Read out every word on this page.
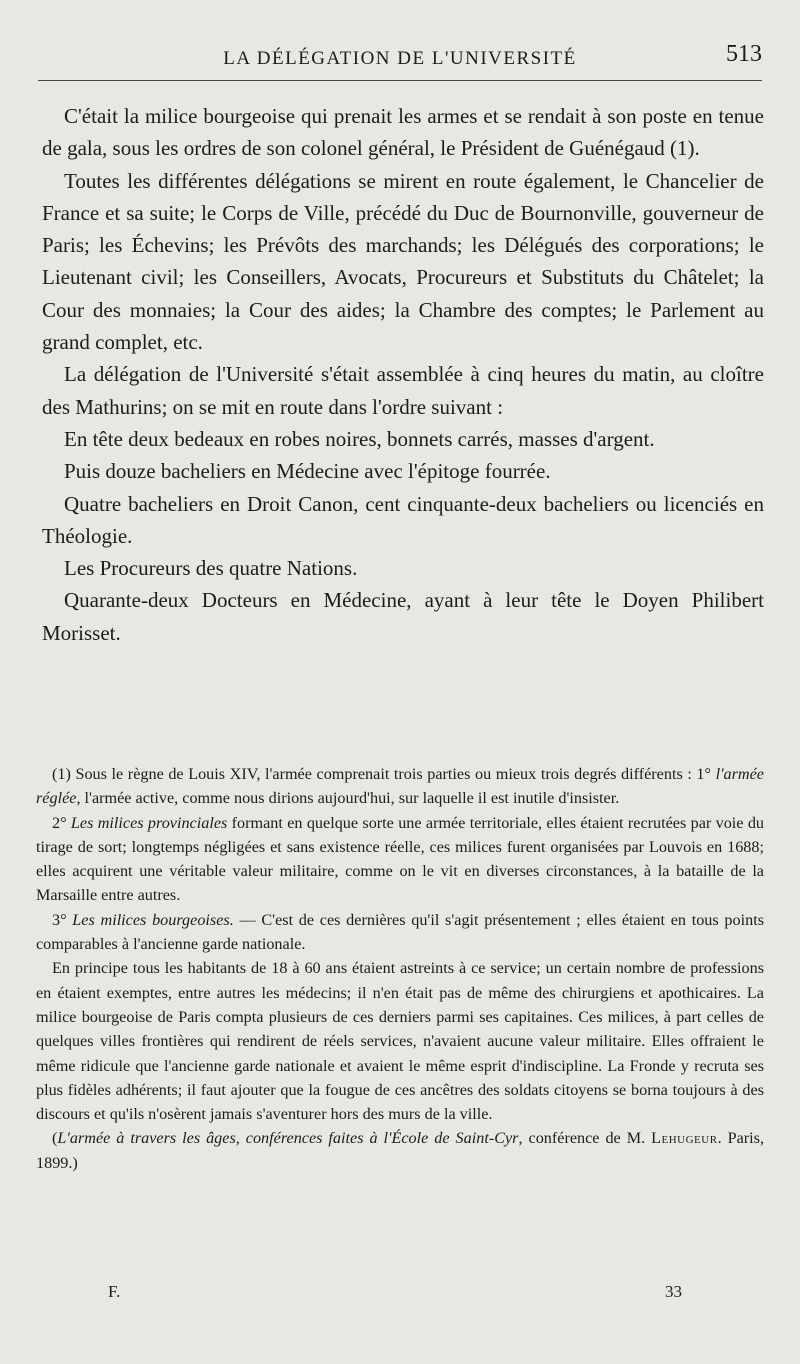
LA DÉLÉGATION DE L'UNIVERSITÉ	513

C'était la milice bourgeoise qui prenait les armes et se rendait à son poste en tenue de gala, sous les ordres de son colonel général, le Président de Guénégaud (1).

Toutes les différentes délégations se mirent en route également, le Chancelier de France et sa suite; le Corps de Ville, précédé du Duc de Bournonville, gouverneur de Paris; les Échevins; les Prévôts des marchands; les Délégués des corporations; le Lieutenant civil; les Conseillers, Avocats, Procureurs et Substituts du Châtelet; la Cour des monnaies; la Cour des aides; la Chambre des comptes; le Parlement au grand complet, etc.

La délégation de l'Université s'était assemblée à cinq heures du matin, au cloître des Mathurins; on se mit en route dans l'ordre suivant :

En tête deux bedeaux en robes noires, bonnets carrés, masses d'argent.

Puis douze bacheliers en Médecine avec l'épitoge fourrée.

Quatre bacheliers en Droit Canon, cent cinquante-deux bacheliers ou licenciés en Théologie.

Les Procureurs des quatre Nations.

Quarante-deux Docteurs en Médecine, ayant à leur tête le Doyen Philibert Morisset.

(1) Sous le règne de Louis XIV, l'armée comprenait trois parties ou mieux trois degrés différents : 1° l'armée réglée, l'armée active, comme nous dirions aujourd'hui, sur laquelle il est inutile d'insister.

2° Les milices provinciales formant en quelque sorte une armée territoriale, elles étaient recrutées par voie du tirage de sort; longtemps négligées et sans existence réelle, ces milices furent organisées par Louvois en 1688; elles acquirent une véritable valeur militaire, comme on le vit en diverses circonstances, à la bataille de la Marsaille entre autres.

3° Les milices bourgeoises. — C'est de ces dernières qu'il s'agit présentement ; elles étaient en tous points comparables à l'ancienne garde nationale.

En principe tous les habitants de 18 à 60 ans étaient astreints à ce service; un certain nombre de professions en étaient exemptes, entre autres les médecins; il n'en était pas de même des chirurgiens et apothicaires. La milice bourgeoise de Paris compta plusieurs de ces derniers parmi ses capitaines. Ces milices, à part celles de quelques villes frontières qui rendirent de réels services, n'avaient aucune valeur militaire. Elles offraient le même ridicule que l'ancienne garde nationale et avaient le même esprit d'indiscipline. La Fronde y recruta ses plus fidèles adhérents; il faut ajouter que la fougue de ces ancêtres des soldats citoyens se borna toujours à des discours et qu'ils n'osèrent jamais s'aventurer hors des murs de la ville.

(L'armée à travers les âges, conférences faites à l'École de Saint-Cyr, conférence de M. Lehugeur. Paris, 1899.)

F.	33
